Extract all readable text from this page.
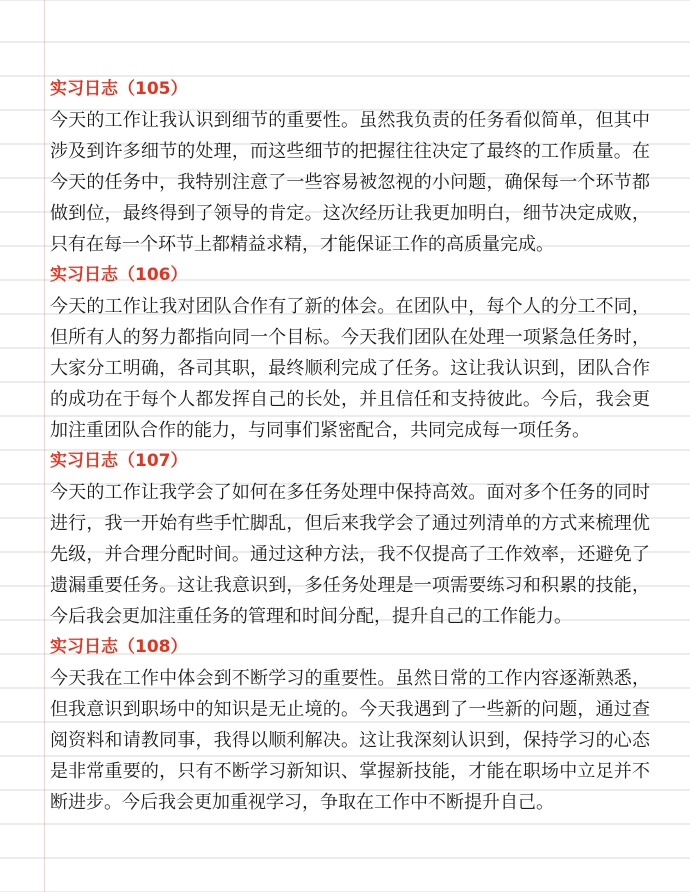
实习日志（105）

今天的工作让我认识到细节的重要性。虽然我负责的任务看似简单，但其中涉及到许多细节的处理，而这些细节的把握往往决定了最终的工作质量。在今天的任务中，我特别注意了一些容易被忽视的小问题，确保每一个环节都做到位，最终得到了领导的肯定。这次经历让我更加明白，细节决定成败，只有在每一个环节上都精益求精，才能保证工作的高质量完成。

实习日志（106）

今天的工作让我对团队合作有了新的体会。在团队中，每个人的分工不同，但所有人的努力都指向同一个目标。今天我们团队在处理一项紧急任务时，大家分工明确，各司其职，最终顺利完成了任务。这让我认识到，团队合作的成功在于每个人都发挥自己的长处，并且信任和支持彼此。今后，我会更加注重团队合作的能力，与同事们紧密配合，共同完成每一项任务。

实习日志（107）

今天的工作让我学会了如何在多任务处理中保持高效。面对多个任务的同时进行，我一开始有些手忙脚乱，但后来我学会了通过列清单的方式来梳理优先级，并合理分配时间。通过这种方法，我不仅提高了工作效率，还避免了遗漏重要任务。这让我意识到，多任务处理是一项需要练习和积累的技能，今后我会更加注重任务的管理和时间分配，提升自己的工作能力。

实习日志（108）

今天我在工作中体会到不断学习的重要性。虽然日常的工作内容逐渐熟悉，但我意识到职场中的知识是无止境的。今天我遇到了一些新的问题，通过查阅资料和请教同事，我得以顺利解决。这让我深刻认识到，保持学习的心态是非常重要的，只有不断学习新知识、掌握新技能，才能在职场中立足并不断进步。今后我会更加重视学习，争取在工作中不断提升自己。
